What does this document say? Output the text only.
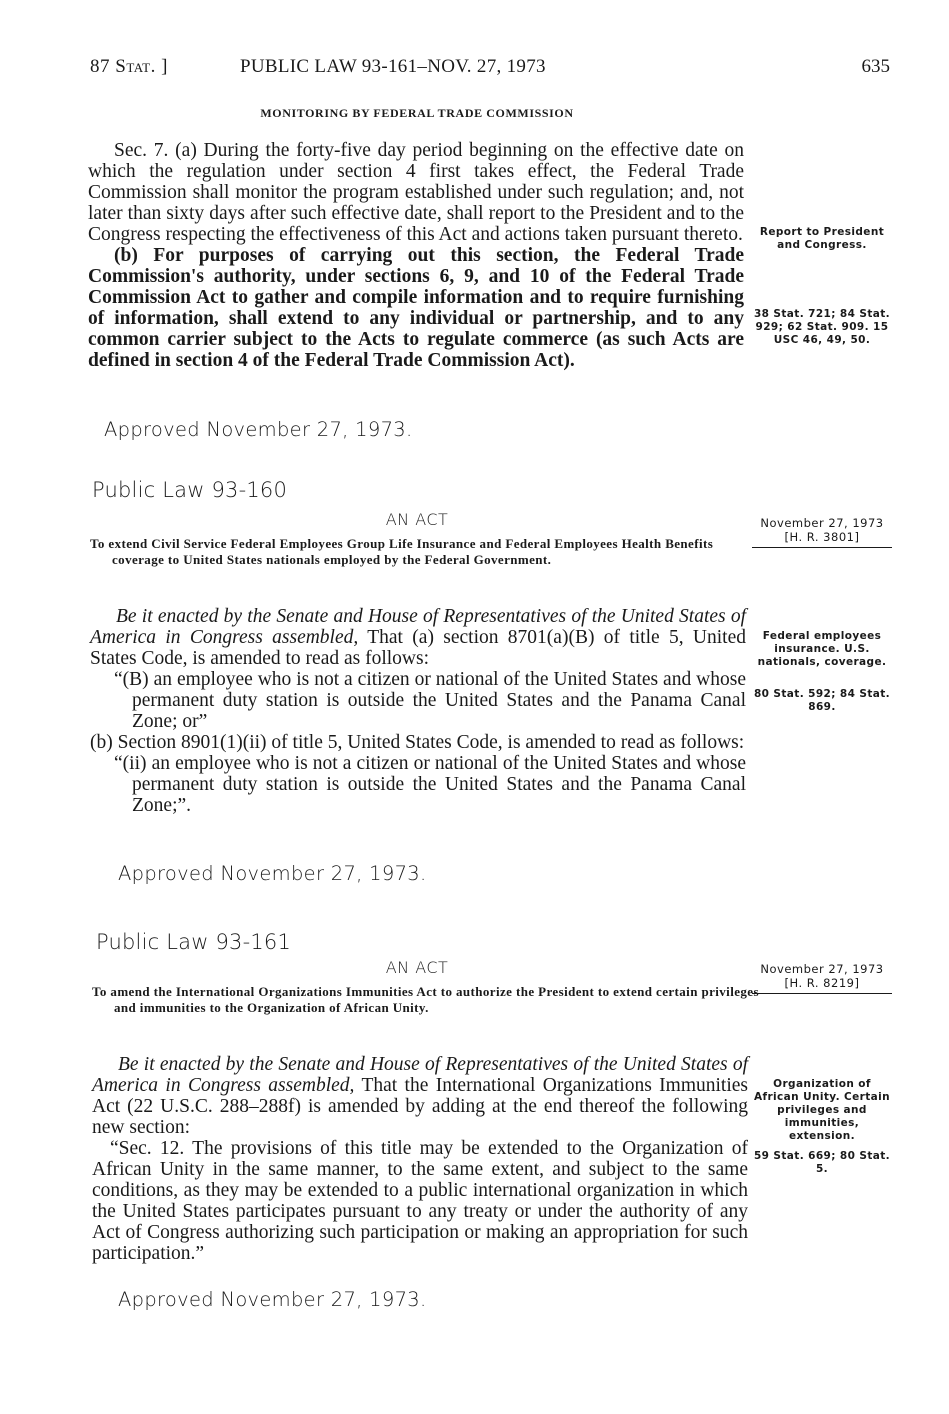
87 Stat. ]	PUBLIC LAW 93-161–NOV. 27, 1973	635
MONITORING BY FEDERAL TRADE COMMISSION

Sec. 7. (a) During the forty-five day period beginning on the effective date on which the regulation under section 4 first takes effect, the Federal Trade Commission shall monitor the program established under such regulation; and, not later than sixty days after such effective date, shall report to the President and to the Congress respecting the effectiveness of this Act and actions taken pursuant thereto.

(b) For purposes of carrying out this section, the Federal Trade Commission's authority, under sections 6, 9, and 10 of the Federal Trade Commission Act to gather and compile information and to require furnishing of information, shall extend to any individual or partnership, and to any common carrier subject to the Acts to regulate commerce (as such Acts are defined in section 4 of the Federal Trade Commission Act).

Report to President and Congress.
38 Stat. 721; 84 Stat. 929; 62 Stat. 909. 15 USC 46, 49, 50.
Approved November 27, 1973.
Public Law 93-160
AN ACT	November 27, 1973
[H. R. 3801]
To extend Civil Service Federal Employees Group Life Insurance and Federal Employees Health Benefits coverage to United States nationals employed by the Federal Government.

Be it enacted by the Senate and House of Representatives of the United States of America in Congress assembled, That (a) section 8701(a)(B) of title 5, United States Code, is amended to read as follows:

“(B) an employee who is not a citizen or national of the United States and whose permanent duty station is outside the United States and the Panama Canal Zone; or”

(b) Section 8901(1)(ii) of title 5, United States Code, is amended to read as follows:

“(ii) an employee who is not a citizen or national of the United States and whose permanent duty station is outside the United States and the Panama Canal Zone;”.

Federal employees insurance. U.S. nationals, coverage.
80 Stat. 592; 84 Stat. 869.
Approved November 27, 1973.
Public Law 93-161
AN ACT	November 27, 1973
[H. R. 8219]
To amend the International Organizations Immunities Act to authorize the President to extend certain privileges and immunities to the Organization of African Unity.

Be it enacted by the Senate and House of Representatives of the United States of America in Congress assembled, That the International Organizations Immunities Act (22 U.S.C. 288–288f) is amended by adding at the end thereof the following new section:

“Sec. 12. The provisions of this title may be extended to the Organization of African Unity in the same manner, to the same extent, and subject to the same conditions, as they may be extended to a public international organization in which the United States participates pursuant to any treaty or under the authority of any Act of Congress authorizing such participation or making an appropriation for such participation.”

Organization of African Unity. Certain privileges and immunities, extension.
59 Stat. 669; 80 Stat. 5.
Approved November 27, 1973.
